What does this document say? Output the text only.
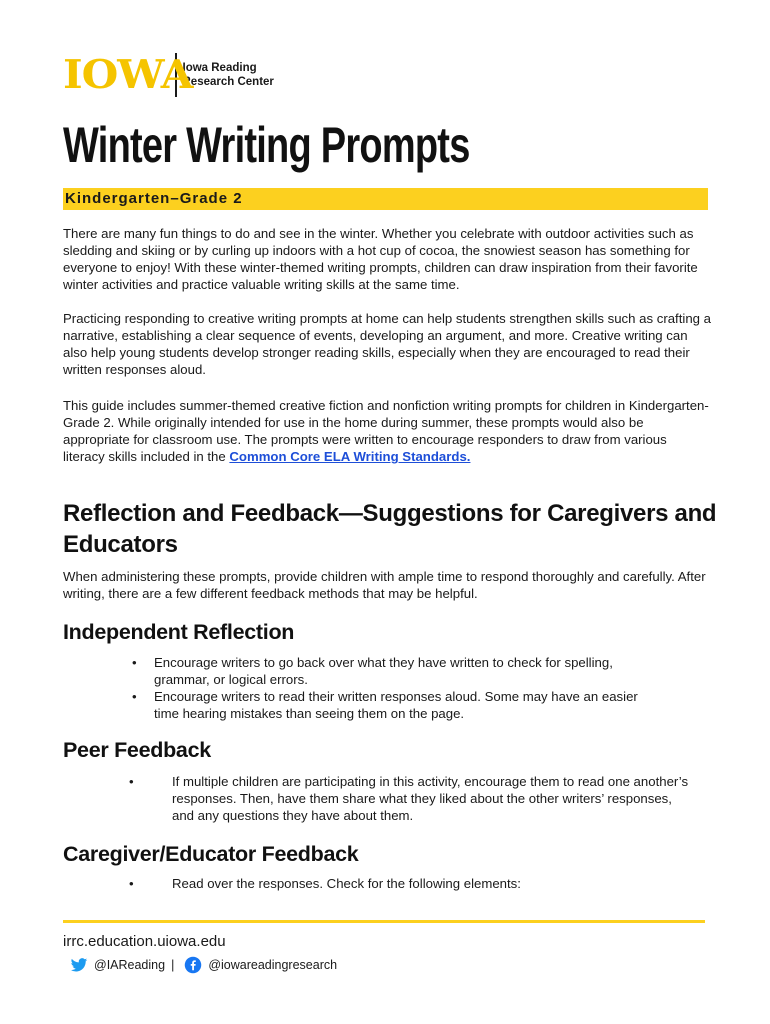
IOWA
Iowa Reading
Research Center
Winter Writing Prompts
Kindergarten–Grade 2

There are many fun things to do and see in the winter. Whether you celebrate with outdoor activities such as sledding and skiing or by curling up indoors with a hot cup of cocoa, the snowiest season has something for everyone to enjoy! With these winter-themed writing prompts, children can draw inspiration from their favorite winter activities and practice valuable writing skills at the same time.

Practicing responding to creative writing prompts at home can help students strengthen skills such as crafting a narrative, establishing a clear sequence of events, developing an argument, and more. Creative writing can also help young students develop stronger reading skills, especially when they are encouraged to read their written responses aloud.

This guide includes summer-themed creative fiction and nonfiction writing prompts for children in Kindergarten-Grade 2. While originally intended for use in the home during summer, these prompts would also be appropriate for classroom use. The prompts were written to encourage responders to draw from various literacy skills included in the Common Core ELA Writing Standards.

Reflection and Feedback—Suggestions for Caregivers and Educators

When administering these prompts, provide children with ample time to respond thoroughly and carefully. After writing, there are a few different feedback methods that may be helpful.

Independent Reflection
• Encourage writers to go back over what they have written to check for spelling, grammar, or logical errors.
• Encourage writers to read their written responses aloud. Some may have an easier time hearing mistakes than seeing them on the page.
Peer Feedback
•	If multiple children are participating in this activity, encourage them to read one another’s responses. Then, have them share what they liked about the other writers’ responses, and any questions they have about them.
Caregiver/Educator Feedback
•	Read over the responses. Check for the following elements:
irrc.education.uiowa.edu
@IAReading |	@iowareadingresearch
